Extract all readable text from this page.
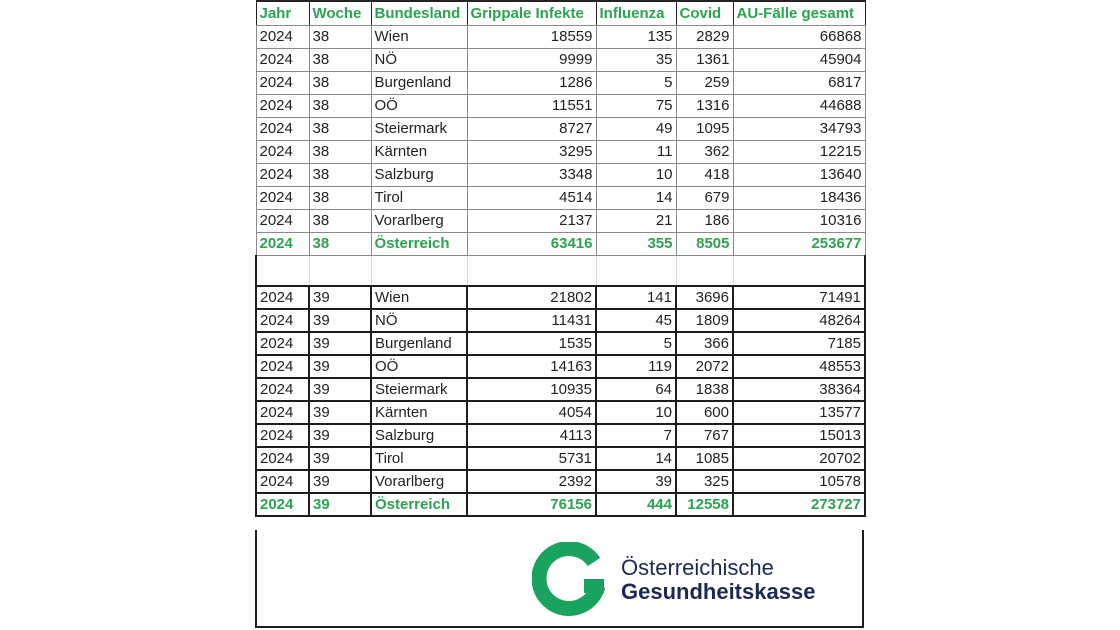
Jahr	Woche	Bundesland	Grippale Infekte	Influenza	Covid	AU-Fälle gesamt
2024	38	Wien	18559	135	2829	66868
2024	38	NÖ	9999	35	1361	45904
2024	38	Burgenland	1286	5	259	6817
2024	38	OÖ	11551	75	1316	44688
2024	38	Steiermark	8727	49	1095	34793
2024	38	Kärnten	3295	11	362	12215
2024	38	Salzburg	3348	10	418	13640
2024	38	Tirol	4514	14	679	18436
2024	38	Vorarlberg	2137	21	186	10316
2024	38	Österreich	63416	355	8505	253677

2024	39	Wien	21802	141	3696	71491
2024	39	NÖ	11431	45	1809	48264
2024	39	Burgenland	1535	5	366	7185
2024	39	OÖ	14163	119	2072	48553
2024	39	Steiermark	10935	64	1838	38364
2024	39	Kärnten	4054	10	600	13577
2024	39	Salzburg	4113	7	767	15013
2024	39	Tirol	5731	14	1085	20702
2024	39	Vorarlberg	2392	39	325	10578
2024	39	Österreich	76156	444	12558	273727
Österreichische
Gesundheitskasse
